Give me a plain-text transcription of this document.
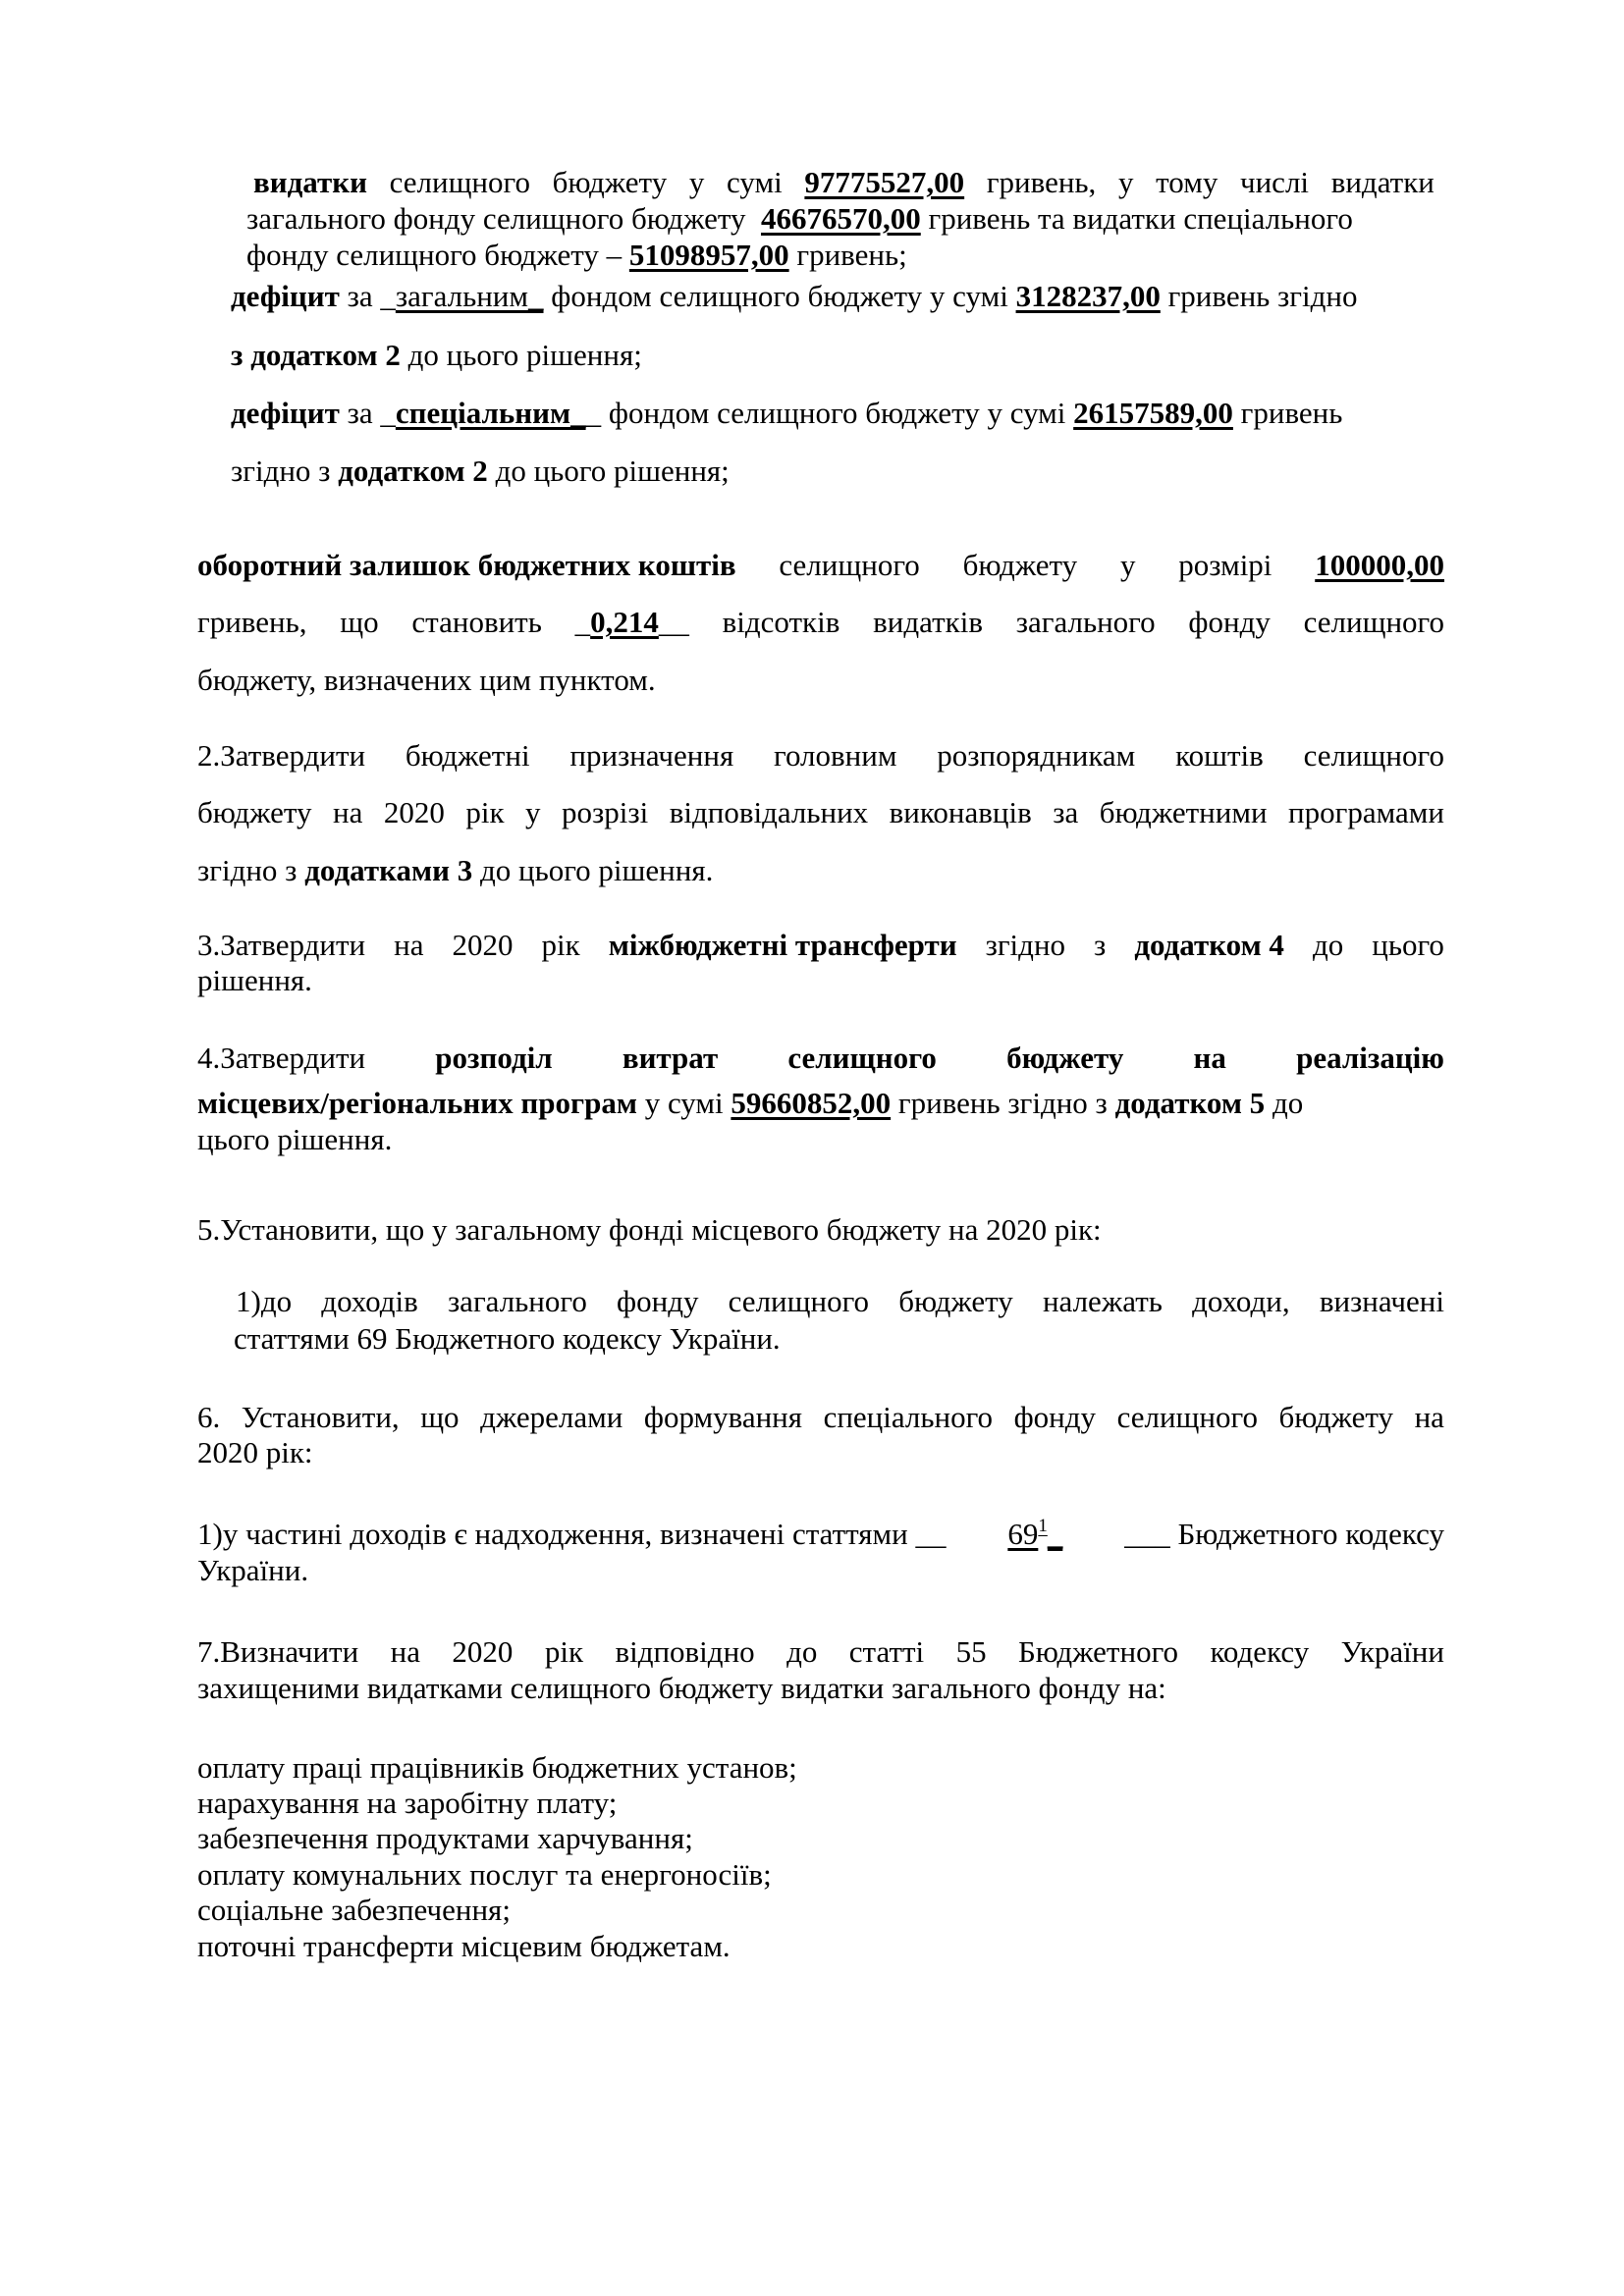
видатки селищного бюджету у сумі 97775527,00 гривень, у тому числі видатки
загального фонду селищного бюджету 46676570,00 гривень та видатки спеціального
фонду селищного бюджету – 51098957,00 гривень;
дефіцит за _загальним_ фондом селищного бюджету у сумі 3128237,00 гривень згідно
з додатком 2 до цього рішення;
дефіцит за _спеціальним__ фондом селищного бюджету у сумі 26157589,00 гривень
згідно з додатком 2 до цього рішення;
оборотний залишок бюджетних коштів селищного бюджету у розмірі 100000,00
гривень, що становить _0,214__ відсотків видатків загального фонду селищного
бюджету, визначених цим пунктом.
2.Затвердити бюджетні призначення головним розпорядникам коштів селищного
бюджету на 2020 рік у розрізі відповідальних виконавців за бюджетними програмами
згідно з додатками 3 до цього рішення.
3.Затвердити на 2020 рік міжбюджетні трансферти згідно з додатком 4 до цього
рішення.
4.Затвердити розподіл витрат селищного бюджету на реалізацію
місцевих/регіональних програм у сумі 59660852,00 гривень згідно з додатком 5 до
цього рішення.
5.Установити, що у загальному фонді місцевого бюджету на 2020 рік:
1)до доходів загального фонду селищного бюджету належать доходи, визначені
статтями 69 Бюджетного кодексу України.
6. Установити, що джерелами формування спеціального фонду селищного бюджету на
2020 рік:
1)у частині доходів є надходження, визначені статтями __ $69^1\_$ ___ Бюджетного кодексу
України.
7.Визначити на 2020 рік відповідно до статті 55 Бюджетного кодексу України
захищеними видатками селищного бюджету видатки загального фонду на:
оплату праці працівників бюджетних установ;
нарахування на заробітну плату;
забезпечення продуктами харчування;
оплату комунальних послуг та енергоносіїв;
соціальне забезпечення;
поточні трансферти місцевим бюджетам.
